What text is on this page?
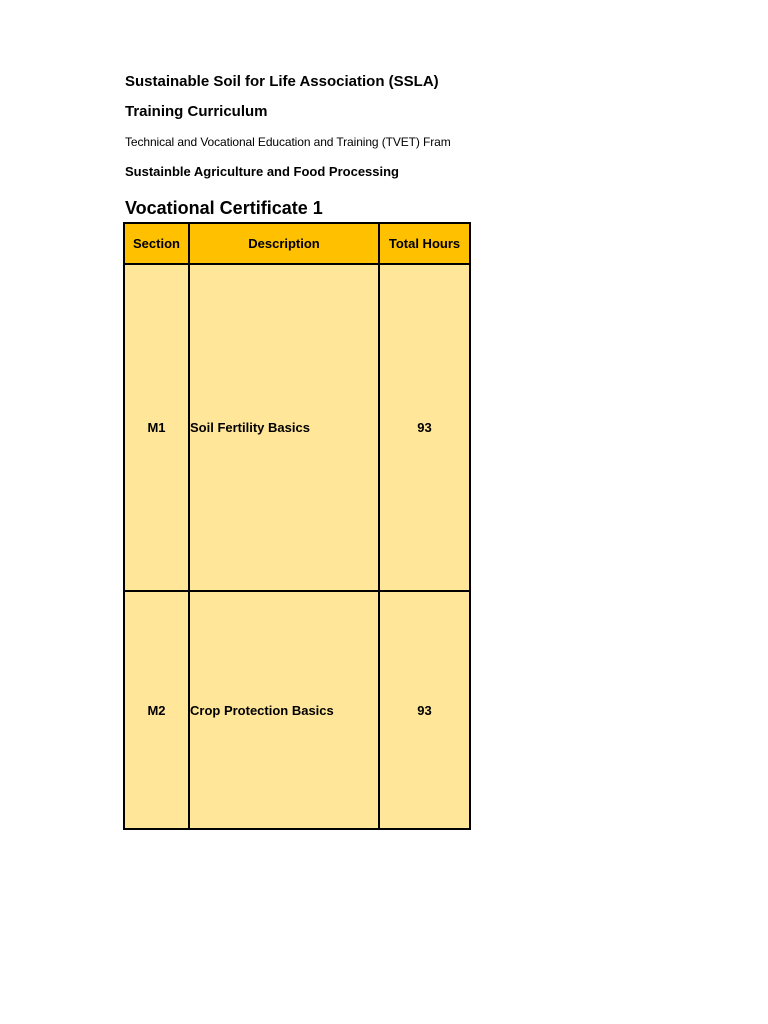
Sustainable Soil for Life Association (SSLA)

Training Curriculum

Technical and Vocational Education and Training (TVET) Fram

Sustainble Agriculture and Food Processing

Vocational Certificate 1

Section	Description	Total Hours
M1	Soil Fertility Basics	93
M2	Crop Protection Basics	93
